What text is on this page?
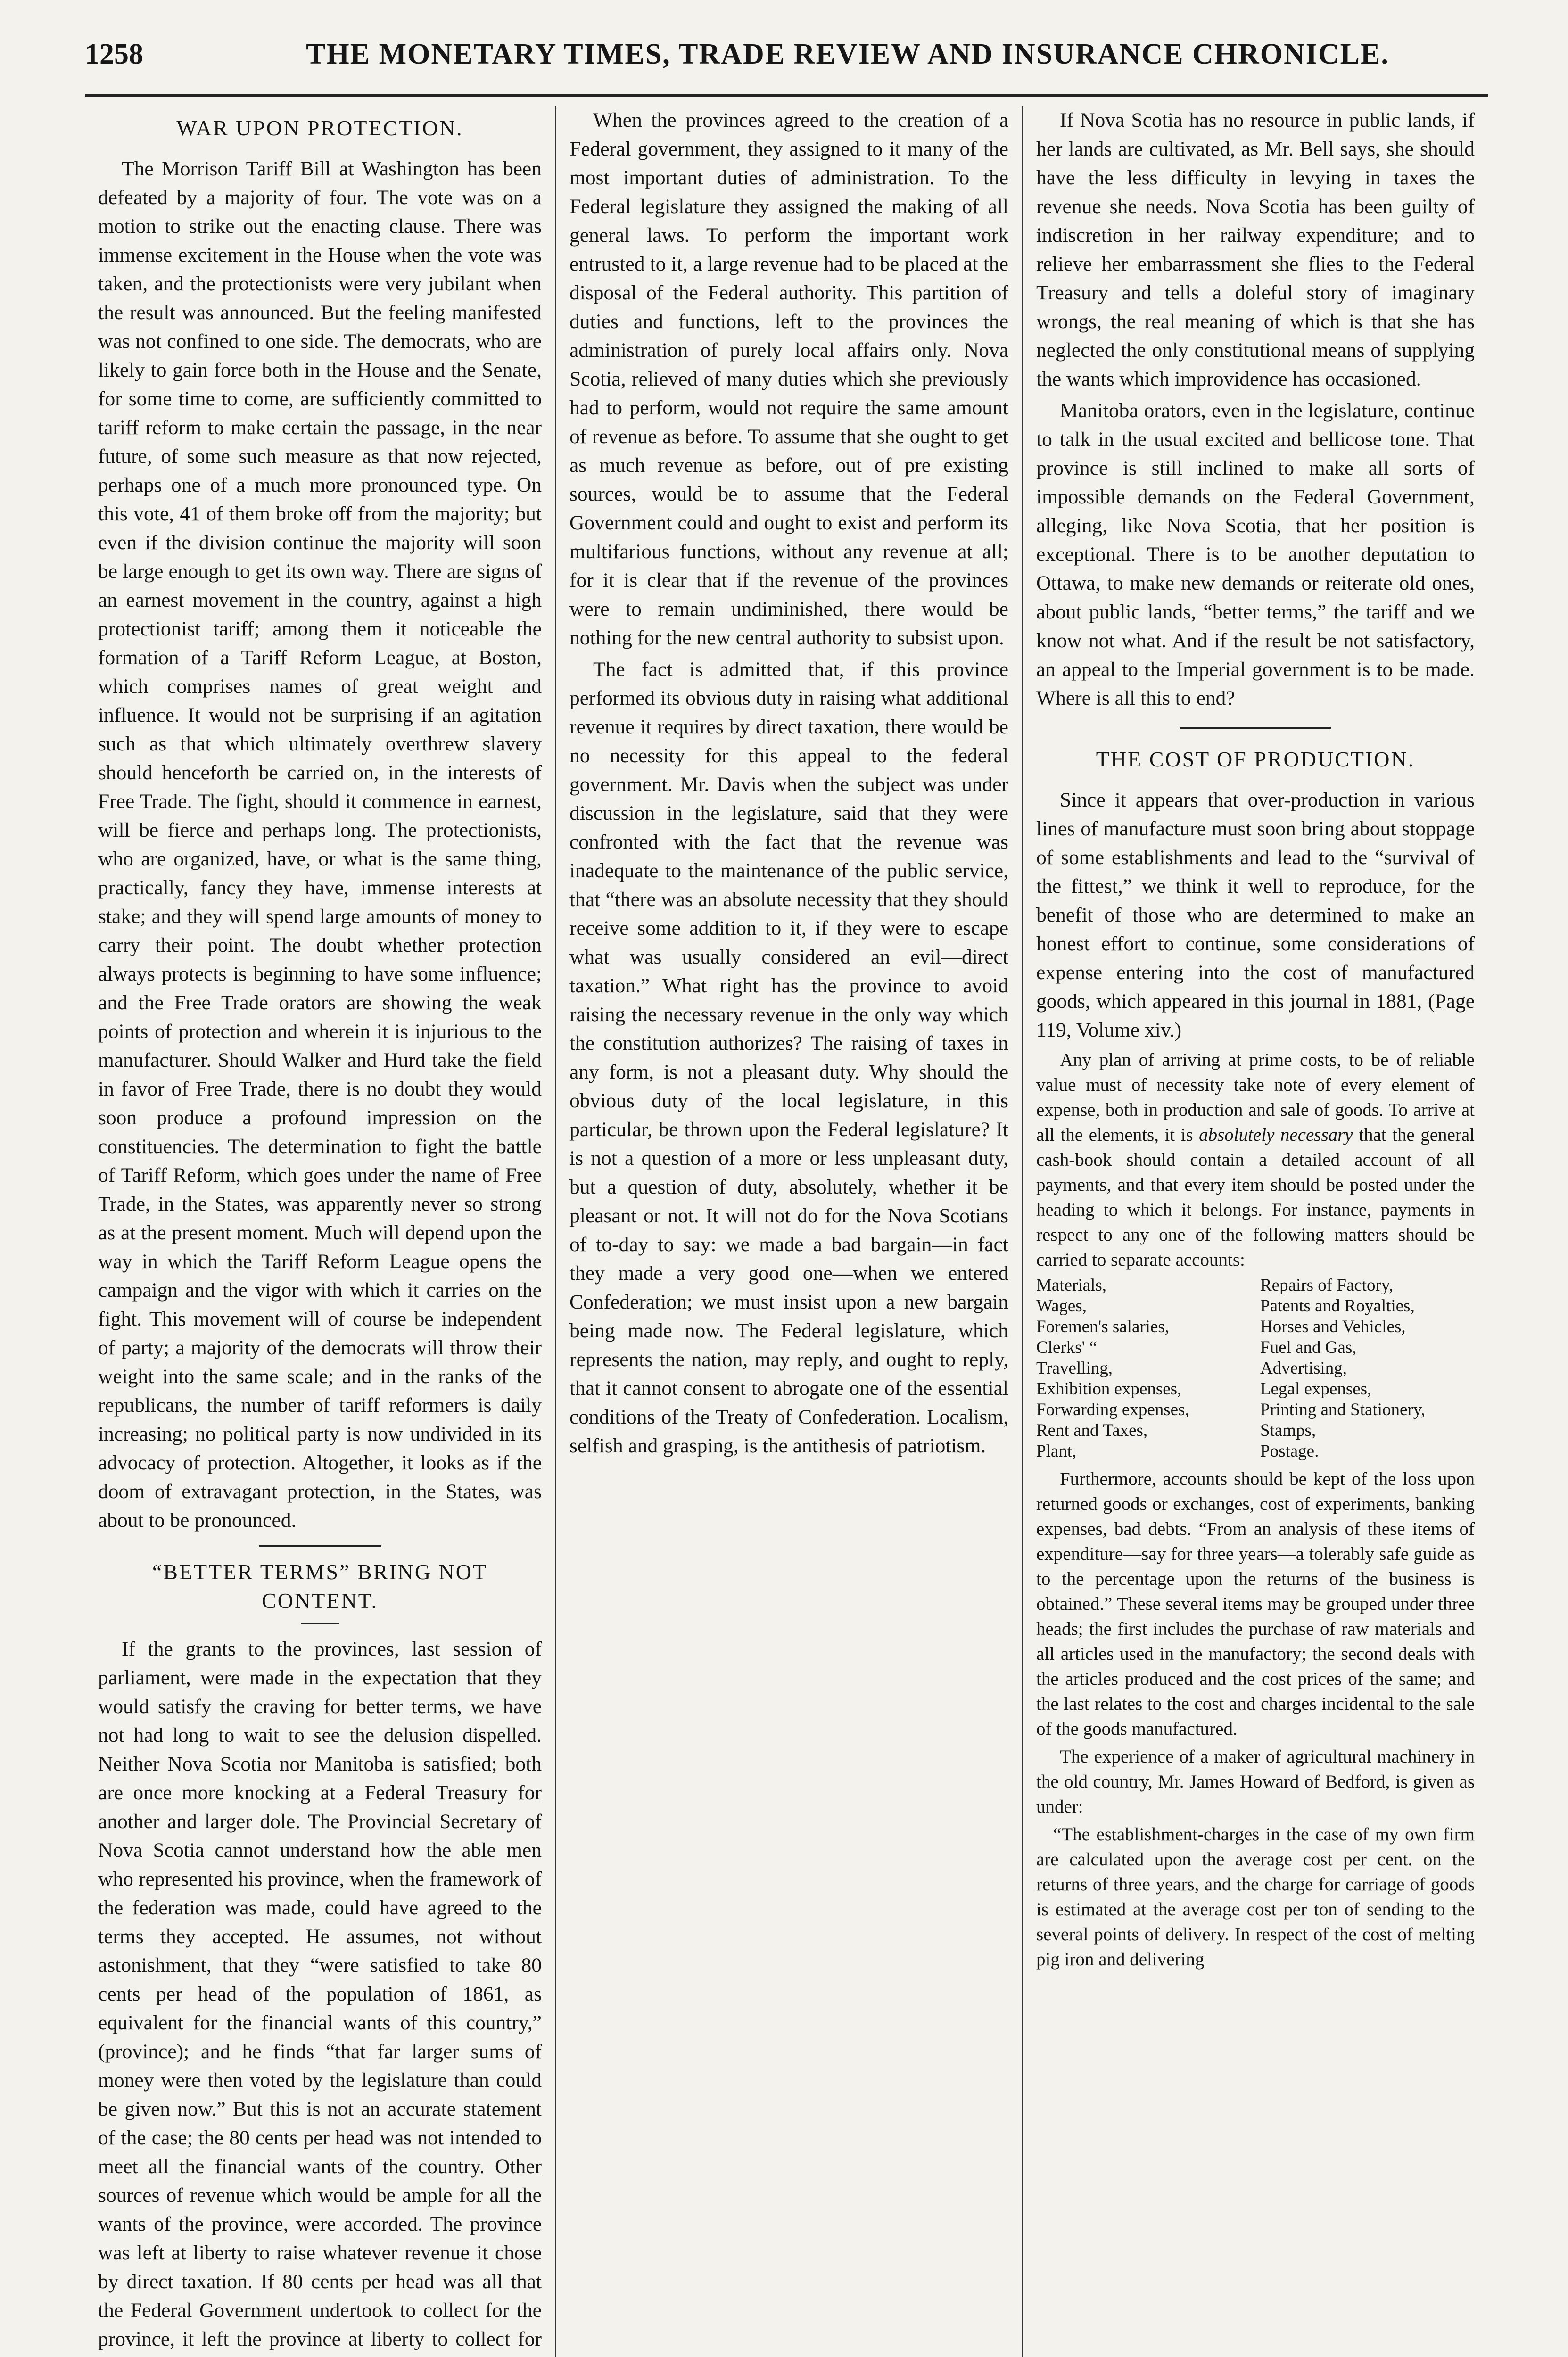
1258	THE MONETARY TIMES, TRADE REVIEW AND INSURANCE CHRONICLE.
WAR UPON PROTECTION.

The Morrison Tariff Bill at Washington has been defeated by a majority of four. The vote was on a motion to strike out the enacting clause. There was immense excitement in the House when the vote was taken, and the protectionists were very jubilant when the result was announced. But the feeling manifested was not confined to one side. The democrats, who are likely to gain force both in the House and the Senate, for some time to come, are sufficiently committed to tariff reform to make certain the passage, in the near future, of some such measure as that now rejected, perhaps one of a much more pronounced type. On this vote, 41 of them broke off from the majority; but even if the division continue the majority will soon be large enough to get its own way. There are signs of an earnest movement in the country, against a high protectionist tariff; among them it noticeable the formation of a Tariff Reform League, at Boston, which comprises names of great weight and influence. It would not be surprising if an agitation such as that which ultimately overthrew slavery should henceforth be carried on, in the interests of Free Trade. The fight, should it commence in earnest, will be fierce and perhaps long. The protectionists, who are organized, have, or what is the same thing, practically, fancy they have, immense interests at stake; and they will spend large amounts of money to carry their point. The doubt whether protection always protects is beginning to have some influence; and the Free Trade orators are showing the weak points of protection and wherein it is injurious to the manufacturer. Should Walker and Hurd take the field in favor of Free Trade, there is no doubt they would soon produce a profound impression on the constituencies. The determination to fight the battle of Tariff Reform, which goes under the name of Free Trade, in the States, was apparently never so strong as at the present moment. Much will depend upon the way in which the Tariff Reform League opens the campaign and the vigor with which it carries on the fight. This movement will of course be independent of party; a majority of the democrats will throw their weight into the same scale; and in the ranks of the republicans, the number of tariff reformers is daily increasing; no political party is now undivided in its advocacy of protection. Altogether, it looks as if the doom of extravagant protection, in the States, was about to be pronounced.

“BETTER TERMS” BRING NOT CONTENT.

If the grants to the provinces, last session of parliament, were made in the expectation that they would satisfy the craving for better terms, we have not had long to wait to see the delusion dispelled. Neither Nova Scotia nor Manitoba is satisfied; both are once more knocking at a Federal Treasury for another and larger dole. The Provincial Secretary of Nova Scotia cannot understand how the able men who represented his province, when the framework of the federation was made, could have agreed to the terms they accepted. He assumes, not without astonishment, that they “were satisfied to take 80 cents per head of the population of 1861, as equivalent for the financial wants of this country,” (province); and he finds “that far larger sums of money were then voted by the legislature than could be given now.” But this is not an accurate statement of the case; the 80 cents per head was not intended to meet all the financial wants of the country. Other sources of revenue which would be ample for all the wants of the province, were accorded. The province was left at liberty to raise whatever revenue it chose by direct taxation. If 80 cents per head was all that the Federal Government undertook to collect for the province, it left the province at liberty to collect for

When the provinces agreed to the creation of a Federal government, they assigned to it many of the most important duties of administration. To the Federal legislature they assigned the making of all general laws. To perform the important work entrusted to it, a large revenue had to be placed at the disposal of the Federal authority. This partition of duties and functions, left to the provinces the administration of purely local affairs only. Nova Scotia, relieved of many duties which she previously had to perform, would not require the same amount of revenue as before. To assume that she ought to get as much revenue as before, out of pre existing sources, would be to assume that the Federal Government could and ought to exist and perform its multifarious functions, without any revenue at all; for it is clear that if the revenue of the provinces were to remain undiminished, there would be nothing for the new central authority to subsist upon.

The fact is admitted that, if this province performed its obvious duty in raising what additional revenue it requires by direct taxation, there would be no necessity for this appeal to the federal government. Mr. Davis when the subject was under discussion in the legislature, said that they were confronted with the fact that the revenue was inadequate to the maintenance of the public service, that “there was an absolute necessity that they should receive some addition to it, if they were to escape what was usually considered an evil—direct taxation.” What right has the province to avoid raising the necessary revenue in the only way which the constitution authorizes? The raising of taxes in any form, is not a pleasant duty. Why should the obvious duty of the local legislature, in this particular, be thrown upon the Federal legislature? It is not a question of a more or less unpleasant duty, but a question of duty, absolutely, whether it be pleasant or not. It will not do for the Nova Scotians of to-day to say: we made a bad bargain—in fact they made a very good one—when we entered Confederation; we must insist upon a new bargain being made now. The Federal legislature, which represents the nation, may reply, and ought to reply, that it cannot consent to abrogate one of the essential conditions of the Treaty of Confederation. Localism, selfish and grasping, is the antithesis of patriotism.

If Nova Scotia has no resource in public lands, if her lands are cultivated, as Mr. Bell says, she should have the less difficulty in levying in taxes the revenue she needs. Nova Scotia has been guilty of indiscretion in her railway expenditure; and to relieve her embarrassment she flies to the Federal Treasury and tells a doleful story of imaginary wrongs, the real meaning of which is that she has neglected the only constitutional means of supplying the wants which improvidence has occasioned.

Manitoba orators, even in the legislature, continue to talk in the usual excited and bellicose tone. That province is still inclined to make all sorts of impossible demands on the Federal Government, alleging, like Nova Scotia, that her position is exceptional. There is to be another deputation to Ottawa, to make new demands or reiterate old ones, about public lands, “better terms,” the tariff and we know not what. And if the result be not satisfactory, an appeal to the Imperial government is to be made. Where is all this to end?

THE COST OF PRODUCTION.

Since it appears that over-production in various lines of manufacture must soon bring about stoppage of some establishments and lead to the “survival of the fittest,” we think it well to reproduce, for the benefit of those who are determined to make an honest effort to continue, some considerations of expense entering into the cost of manufactured goods, which appeared in this journal in 1881, (Page 119, Volume xiv.)

Any plan of arriving at prime costs, to be of reliable value must of necessity take note of every element of expense, both in production and sale of goods. To arrive at all the elements, it is absolutely necessary that the general cash-book should contain a detailed account of all payments, and that every item should be posted under the heading to which it belongs. For instance, payments in respect to any one of the following matters should be carried to separate accounts:

Materials,	Repairs of Factory,
Wages,	Patents and Royalties,
Foremen's salaries,	Horses and Vehicles,
Clerks' “	Fuel and Gas,
Travelling,	Advertising,
Exhibition expenses,	Legal expenses,
Forwarding expenses,	Printing and Stationery,
Rent and Taxes,	Stamps,
Plant,	Postage.

Furthermore, accounts should be kept of the loss upon returned goods or exchanges, cost of experiments, banking expenses, bad debts. “From an analysis of these items of expenditure—say for three years—a tolerably safe guide as to the percentage upon the returns of the business is obtained.” These several items may be grouped under three heads; the first includes the purchase of raw materials and all articles used in the manufactory; the second deals with the articles produced and the cost prices of the same; and the last relates to the cost and charges incidental to the sale of the goods manufactured.

The experience of a maker of agricultural machinery in the old country, Mr. James Howard of Bedford, is given as under:

“The establishment-charges in the case of my own firm are calculated upon the average cost per cent. on the returns of three years, and the charge for carriage of goods is estimated at the average cost per ton of sending to the several points of delivery. In respect of the cost of melting pig iron and delivering
